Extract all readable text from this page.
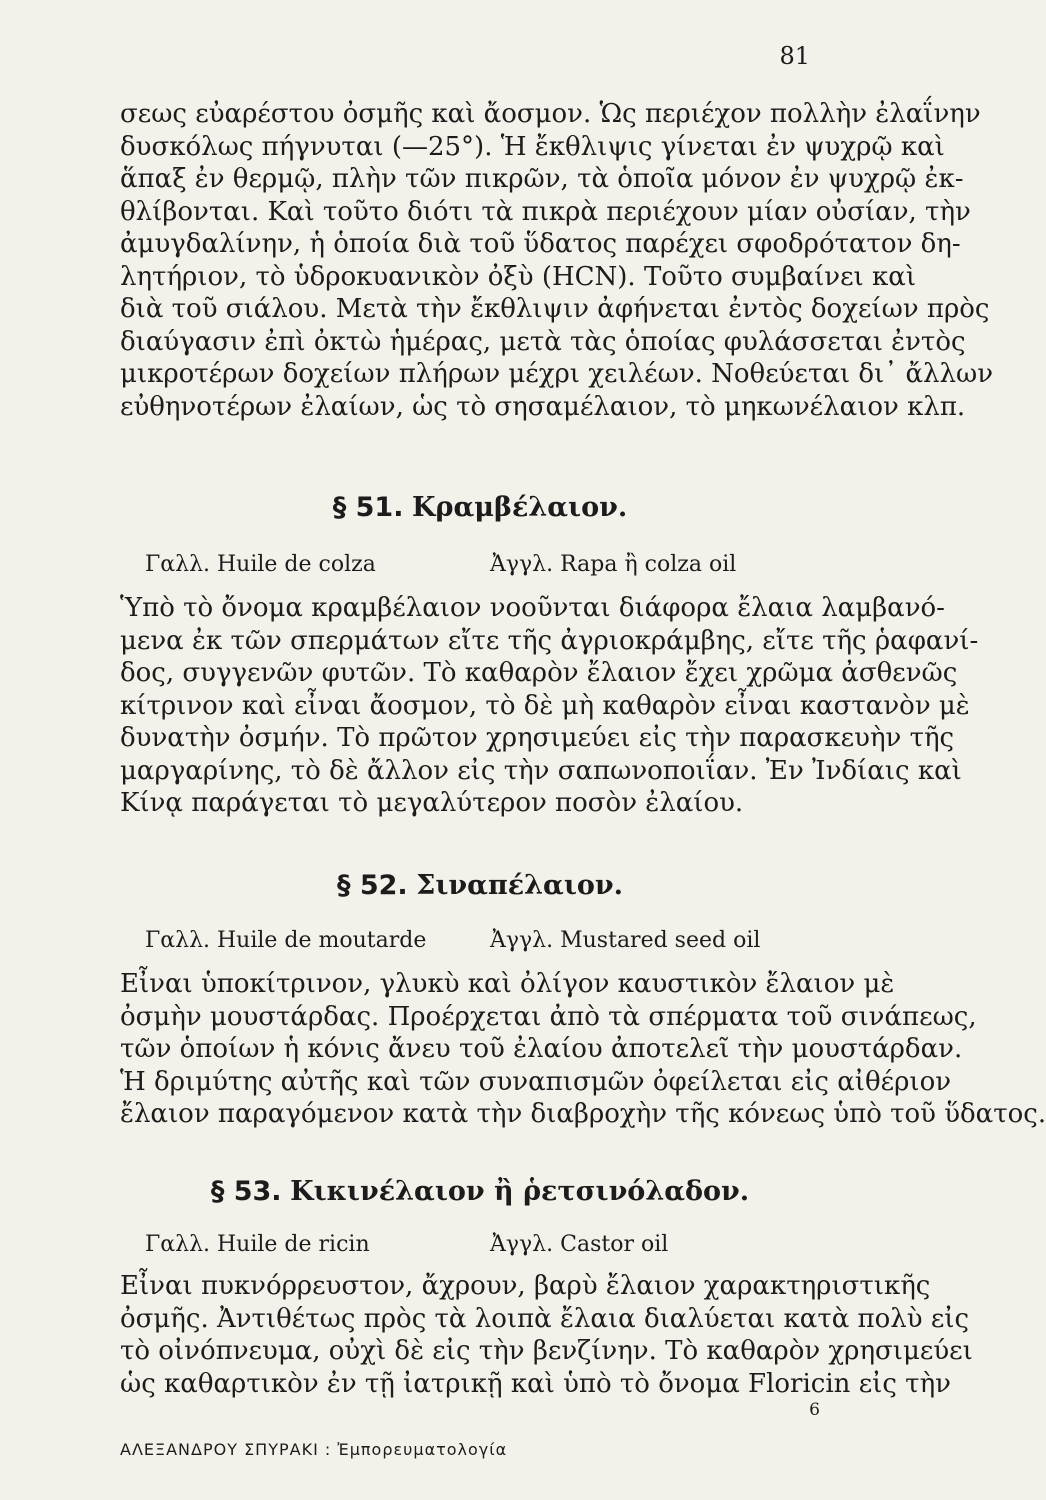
81
σεως εὐαρέστου ὀσμῆς καὶ ἄοσμον. Ὡς περιέχον πολλὴν ἐλαΐνην
δυσκόλως πήγνυται (—25°). Ἡ ἔκθλιψις γίνεται ἐν ψυχρῷ καὶ
ἅπαξ ἐν θερμῷ, πλὴν τῶν πικρῶν, τὰ ὁποῖα μόνον ἐν ψυχρῷ ἐκ-
θλίβονται. Καὶ τοῦτο διότι τὰ πικρὰ περιέχουν μίαν οὐσίαν, τὴν
ἀμυγδαλίνην, ἡ ὁποία διὰ τοῦ ὕδατος παρέχει σφοδρότατον δη-
λητήριον, τὸ ὑδροκυανικὸν ὀξὺ (HCN). Τοῦτο συμβαίνει καὶ
διὰ τοῦ σιάλου. Μετὰ τὴν ἔκθλιψιν ἀφήνεται ἐντὸς δοχείων πρὸς
διαύγασιν ἐπὶ ὀκτὼ ἡμέρας, μετὰ τὰς ὁποίας φυλάσσεται ἐντὸς
μικροτέρων δοχείων πλήρων μέχρι χειλέων. Νοθεύεται δι᾿ ἄλλων
εὐθηνοτέρων ἐλαίων, ὡς τὸ σησαμέλαιον, τὸ μηκωνέλαιον κλπ.
§ 51. Κραμβέλαιον.
Γαλλ. Huile de colza	Ἀγγλ. Rapa ἢ colza oil
Ὑπὸ τὸ ὄνομα κραμβέλαιον νοοῦνται διάφορα ἔλαια λαμβανό-
μενα ἐκ τῶν σπερμάτων εἴτε τῆς ἀγριοκράμβης, εἴτε τῆς ῥαφανί-
δος, συγγενῶν φυτῶν. Τὸ καθαρὸν ἔλαιον ἔχει χρῶμα ἀσθενῶς
κίτρινον καὶ εἶναι ἄοσμον, τὸ δὲ μὴ καθαρὸν εἶναι καστανὸν μὲ
δυνατὴν ὀσμήν. Τὸ πρῶτον χρησιμεύει εἰς τὴν παρασκευὴν τῆς
μαργαρίνης, τὸ δὲ ἄλλον εἰς τὴν σαπωνοποιΐαν. Ἐν Ἰνδίαις καὶ
Κίνᾳ παράγεται τὸ μεγαλύτερον ποσὸν ἐλαίου.
§ 52. Σιναπέλαιον.
Γαλλ. Huile de moutarde	Ἀγγλ. Mustared seed oil
Εἶναι ὑποκίτρινον, γλυκὺ καὶ ὀλίγον καυστικὸν ἔλαιον μὲ
ὀσμὴν μουστάρδας. Προέρχεται ἀπὸ τὰ σπέρματα τοῦ σινάπεως,
τῶν ὁποίων ἡ κόνις ἄνευ τοῦ ἐλαίου ἀποτελεῖ τὴν μουστάρδαν.
Ἡ δριμύτης αὐτῆς καὶ τῶν συναπισμῶν ὀφείλεται εἰς αἰθέριον
ἔλαιον παραγόμενον κατὰ τὴν διαβροχὴν τῆς κόνεως ὑπὸ τοῦ ὕδατος.
§ 53. Κικινέλαιον ἢ ῥετσινόλαδον.
Γαλλ. Huile de ricin	Ἀγγλ. Castor oil
Εἶναι πυκνόρρευστον, ἄχρουν, βαρὺ ἔλαιον χαρακτηριστικῆς
ὀσμῆς. Ἀντιθέτως πρὸς τὰ λοιπὰ ἔλαια διαλύεται κατὰ πολὺ εἰς
τὸ οἰνόπνευμα, οὐχὶ δὲ εἰς τὴν βενζίνην. Τὸ καθαρὸν χρησιμεύει
ὡς καθαρτικὸν ἐν τῇ ἰατρικῇ καὶ ὑπὸ τὸ ὄνομα Floricin εἰς τὴν
ΑΛΕΞΑΝΔΡΟΥ ΣΠΥΡΑΚΙ : Ἐμπορευματολογία
6
